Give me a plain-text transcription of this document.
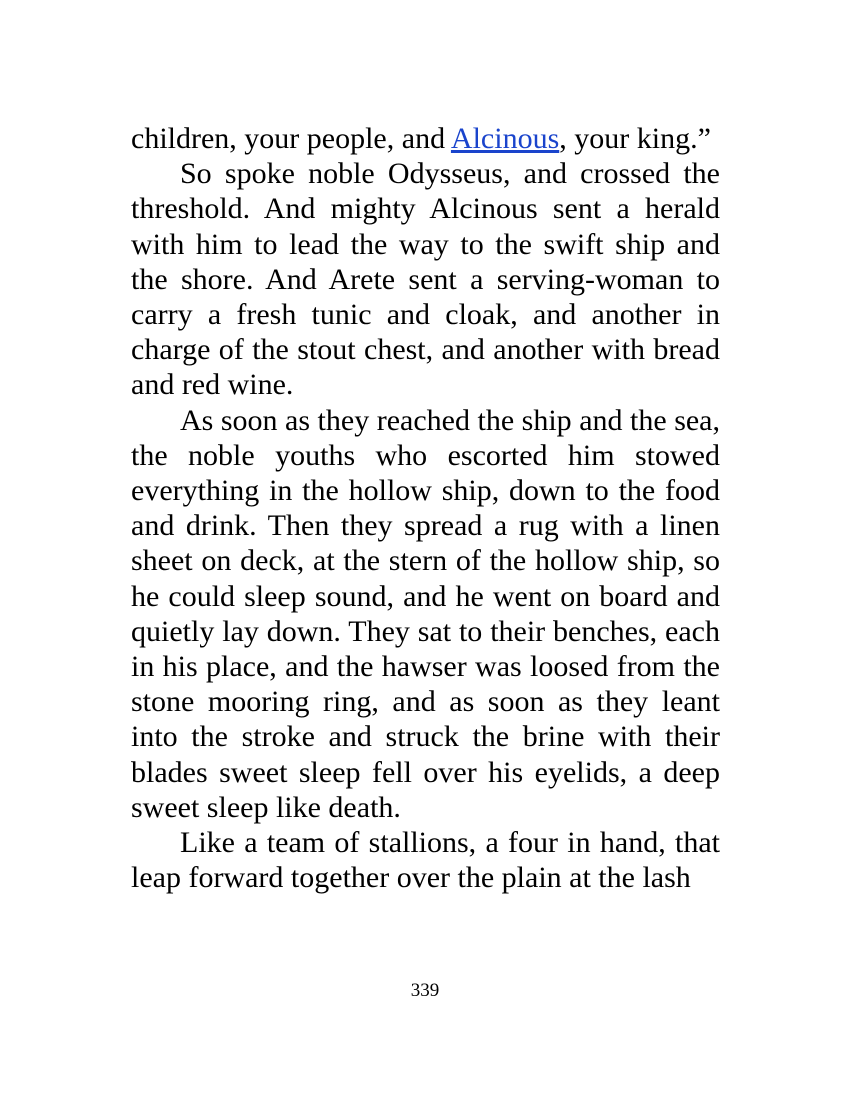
children, your people, and Alcinous, your king.”

So spoke noble Odysseus, and crossed the threshold. And mighty Alcinous sent a herald with him to lead the way to the swift ship and the shore. And Arete sent a serving-woman to carry a fresh tunic and cloak, and another in charge of the stout chest, and another with bread and red wine.

As soon as they reached the ship and the sea, the noble youths who escorted him stowed everything in the hollow ship, down to the food and drink. Then they spread a rug with a linen sheet on deck, at the stern of the hollow ship, so he could sleep sound, and he went on board and quietly lay down. They sat to their benches, each in his place, and the hawser was loosed from the stone mooring ring, and as soon as they leant into the stroke and struck the brine with their blades sweet sleep fell over his eyelids, a deep sweet sleep like death.

Like a team of stallions, a four in hand, that leap forward together over the plain at the lash

339
